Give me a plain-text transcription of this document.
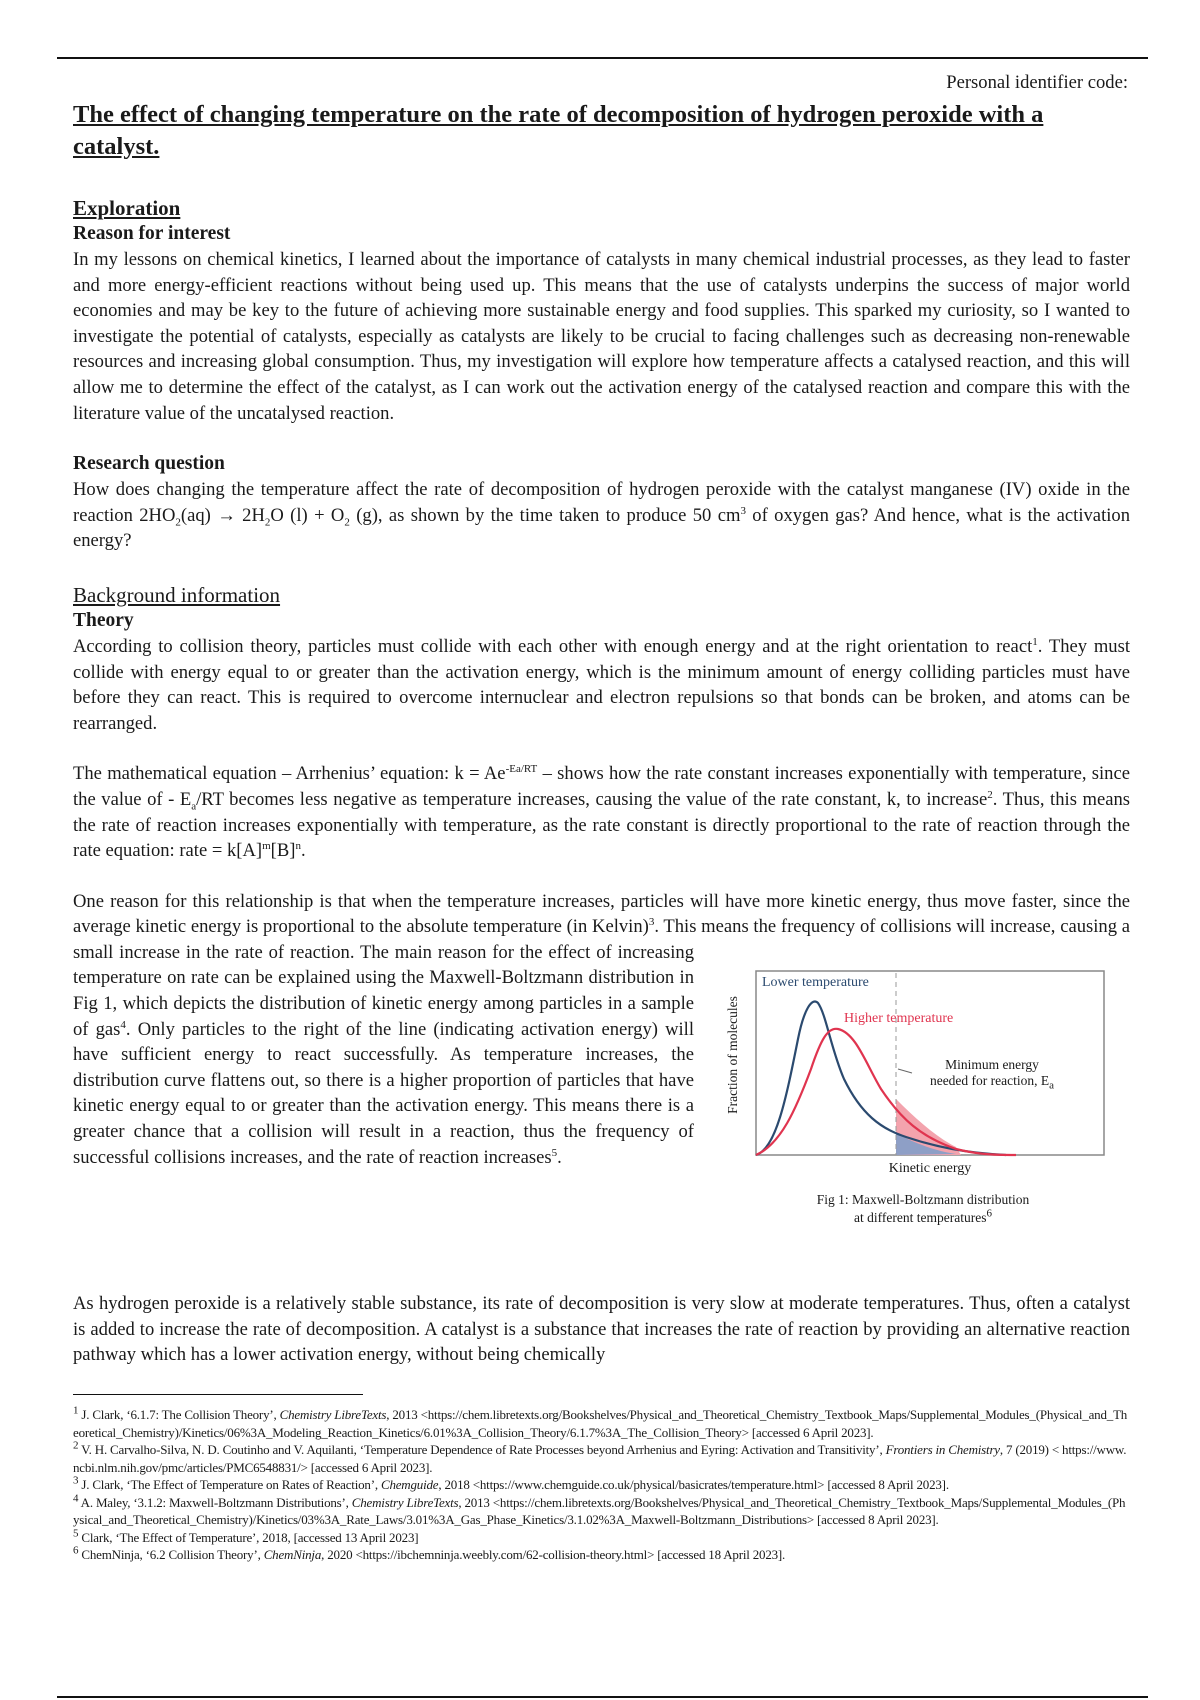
Personal identifier code:
The effect of changing temperature on the rate of decomposition of hydrogen peroxide with a catalyst.
Exploration
Reason for interest

In my lessons on chemical kinetics, I learned about the importance of catalysts in many chemical industrial processes, as they lead to faster and more energy-efficient reactions without being used up. This means that the use of catalysts underpins the success of major world economies and may be key to the future of achieving more sustainable energy and food supplies. This sparked my curiosity, so I wanted to investigate the potential of catalysts, especially as catalysts are likely to be crucial to facing challenges such as decreasing non-renewable resources and increasing global consumption. Thus, my investigation will explore how temperature affects a catalysed reaction, and this will allow me to determine the effect of the catalyst, as I can work out the activation energy of the catalysed reaction and compare this with the literature value of the uncatalysed reaction.

Research question

How does changing the temperature affect the rate of decomposition of hydrogen peroxide with the catalyst manganese (IV) oxide in the reaction $2HO_2(aq) \to 2H_2O$ $(l) + O_2$ (g), as shown by the time taken to produce 50 $cm^3$ of oxygen gas? And hence, what is the activation energy?

Background information
Theory

According to collision theory, particles must collide with each other with enough energy and at the right orientation to react$^1$. They must collide with energy equal to or greater than the activation energy, which is the minimum amount of energy colliding particles must have before they can react. This is required to overcome internuclear and electron repulsions so that bonds can be broken, and atoms can be rearranged.

The mathematical equation – Arrhenius’ equation: $k = Ae^{-Ea/RT}$ – shows how the rate constant increases exponentially with temperature, since the value of - $E_a/RT$ becomes less negative as temperature increases, causing the value of the rate constant, k, to increase$^2$. Thus, this means the rate of reaction increases exponentially with temperature, as the rate constant is directly proportional to the rate of reaction through the rate equation: rate = $k[A]^m[B]^n$.

Fraction of molecules
Lower temperature
Higher temperature
Minimum energy
needed for reaction, $E_a$
Kinetic energy
Fig 1: Maxwell-Boltzmann distribution
at different temperatures$^6$

One reason for this relationship is that when the temperature increases, particles will have more kinetic energy, thus move faster, since the average kinetic energy is proportional to the absolute temperature (in Kelvin)$^3$. This means the frequency of collisions will increase, causing a small increase in the rate of reaction. The main reason for the effect of increasing temperature on rate can be explained using the Maxwell-Boltzmann distribution in Fig 1, which depicts the distribution of kinetic energy among particles in a sample of gas$^4$. Only particles to the right of the line (indicating activation energy) will have sufficient energy to react successfully. As temperature increases, the distribution curve flattens out, so there is a higher proportion of particles that have kinetic energy equal to or greater than the activation energy. This means there is a greater chance that a collision will result in a reaction, thus the frequency of successful collisions increases, and the rate of reaction increases$^5$.

As hydrogen peroxide is a relatively stable substance, its rate of decomposition is very slow at moderate temperatures. Thus, often a catalyst is added to increase the rate of decomposition. A catalyst is a substance that increases the rate of reaction by providing an alternative reaction pathway which has a lower activation energy, without being chemically

$^1$ J. Clark, ‘6.1.7: The Collision Theory’, Chemistry LibreTexts, 2013 <https://chem.libretexts.org/Bookshelves/Physical_and_Theoretical_Chemistry_Textbook_Maps/Supplemental_Modules_(Physical_and_Theoretical_Chemistry)/Kinetics/06%3A_Modeling_Reaction_Kinetics/6.01%3A_Collision_Theory/6.1.7%3A_The_Collision_Theory> [accessed 6 April 2023].
$^2$ V. H. Carvalho-Silva, N. D. Coutinho and V. Aquilanti, ‘Temperature Dependence of Rate Processes beyond Arrhenius and Eyring: Activation and Transitivity’, Frontiers in Chemistry, 7 (2019) < https://www.ncbi.nlm.nih.gov/pmc/articles/PMC6548831/> [accessed 6 April 2023].
$^3$ J. Clark, ‘The Effect of Temperature on Rates of Reaction’, Chemguide, 2018 <https://www.chemguide.co.uk/physical/basicrates/temperature.html> [accessed 8 April 2023].
$^4$ A. Maley, ‘3.1.2: Maxwell-Boltzmann Distributions’, Chemistry LibreTexts, 2013 <https://chem.libretexts.org/Bookshelves/Physical_and_Theoretical_Chemistry_Textbook_Maps/Supplemental_Modules_(Physical_and_Theoretical_Chemistry)/Kinetics/03%3A_Rate_Laws/3.01%3A_Gas_Phase_Kinetics/3.1.02%3A_Maxwell-Boltzmann_Distributions> [accessed 8 April 2023].
$^5$ Clark, ‘The Effect of Temperature’, 2018, [accessed 13 April 2023]
$^6$ ChemNinja, ‘6.2 Collision Theory’, ChemNinja, 2020 <https://ibchemninja.weebly.com/62-collision-theory.html> [accessed 18 April 2023].
